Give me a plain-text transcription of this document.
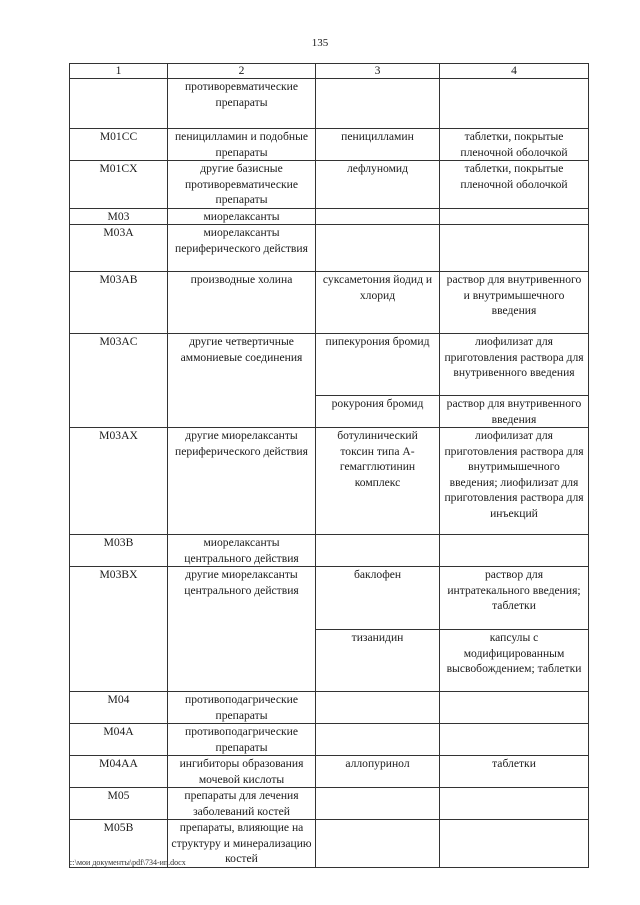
135
1	2	3	4
	противоревматические препараты		
M01CC	пеницилламин и подобные препараты	пеницилламин	таблетки, покрытые пленочной оболочкой
M01CX	другие базисные противоревматические препараты	лефлуномид	таблетки, покрытые пленочной оболочкой
M03	миорелаксанты		
M03A	миорелаксанты периферического действия		
M03AB	производные холина	суксаметония йодид и хлорид	раствор для внутривенного и внутримышечного введения
M03AC	другие четвертичные аммониевые соединения	пипекурония бромид	лиофилизат для приготовления раствора для внутривенного введения
		рокурония бромид	раствор для внутривенного введения
M03AX	другие миорелаксанты периферического действия	ботулинический токсин типа A-гемагглютинин комплекс	лиофилизат для приготовления раствора для внутримышечного введения; лиофилизат для приготовления раствора для инъекций
M03B	миорелаксанты центрального действия		
M03BX	другие миорелаксанты центрального действия	баклофен	раствор для интратекального введения; таблетки
		тизанидин	капсулы с модифицированным высвобождением; таблетки
M04	противоподагрические препараты		
M04A	противоподагрические препараты		
M04AA	ингибиторы образования мочевой кислоты	аллопуринол	таблетки
M05	препараты для лечения заболеваний костей		
M05B	препараты, влияющие на структуру и минерализацию костей		
c:\мои документы\pdf\734-ип.docx
